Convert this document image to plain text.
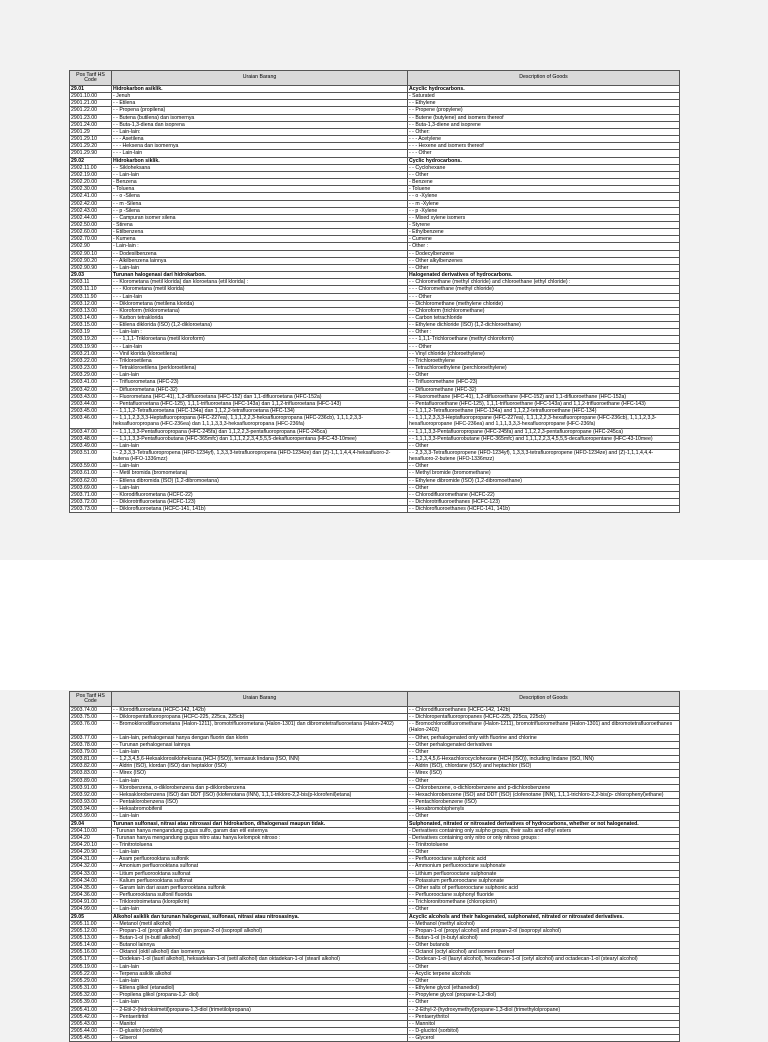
Pos Tarif HS Code	Uraian Barang	Description of Goods
29.01	Hidrokarbon asiklik.	Acyclic hydrocarbons.
2901.10.00	- Jenuh	- Saturated
2901.21.00	- - Etilena	- - Ethylene
2901.22.00	- - Propena (propilena)	- - Propene (propylene)
2901.23.00	- - Butena (butilena) dan isomernya	- - Butene (butylene) and isomers thereof
2901.24.00	- - Buta-1,3-diena dan isoprena	- - Buta-1,3-diene and isoprene
2901.29	- - Lain-lain:	- - Other:
2901.29.10	- - - Asetilena	- - - Acetylene
2901.29.20	- - - Heksena dan isomernya	- - - Hexene and isomers thereof
2901.29.90	- - - Lain-lain	- - - Other
29.02	Hidrokarbon siklik.	Cyclic hydrocarbons.
2902.11.00	- - Sikloheksana	- - Cyclohexane
2902.19.00	- - Lain-lain	- - Other
2902.20.00	- Benzena	- Benzene
2902.30.00	- Toluena	- Toluene
2902.41.00	- - o -Silena	- - o -Xylene
2902.42.00	- - m -Silena	- - m -Xylene
2902.43.00	- - p -Silena	- - p -Xylene
2902.44.00	- - Campuran isomer silena	- - Mixed xylene isomers
2902.50.00	- Stirena	- Styrene
2902.60.00	- Etilbenzena	- Ethylbenzene
2902.70.00	- Kumena	- Cumene
2902.90	- Lain-lain :	- Other :
2902.90.10	- - Dodesilbenzena	- - Dodecylbenzene
2902.90.20	- - Alkilbenzena lainnya	- - Other alkylbenzenes
2902.90.90	- - Lain-lain	- - Other
29.03	Turunan halogenasi dari hidrokarbon.	Halogenated derivatives of hydrocarbons.
2903.11	- - Klorometana (metil klorida) dan kloroetana (etil klorida) :	- - Chloromethane (methyl chloride) and chloroethane (ethyl chloride) :
2903.11.10	- - - Klorometana (metil klorida)	- - - Chloromethane (methyl chloride)
2903.11.90	- - - Lain-lain	- - - Other
2903.12.00	- - Diklorometana (metilena klorida)	- - Dichloromethane (methylene chloride)
2903.13.00	- - Kloroform (triklorometana)	- - Chloroform (trichloromethane)
2903.14.00	- - Karbon tetraklorida	- - Carbon tetrachloride
2903.15.00	- - Etilena diklorida (ISO) (1,2-dikloroetana)	- - Ethylene dichloride (ISO) (1,2-dichloroethane)
2903.19	- - Lain-lain :	- - Other :
2903.19.20	- - - 1,1,1-Trikloroetana (metil kloroform)	- - - 1,1,1-Trichloroethane (methyl chloroform)
2903.19.90	- - - Lain-lain	- - - Other
2903.21.00	- - Vinil klorida (kloroetilena)	- - Vinyl chloride (chloroethylene)
2903.22.00	- - Trikloroetilena	- - Trichloroethylene
2903.23.00	- - Tetrakloroetilena (perkloroetilena)	- - Tetrachloroethylene (perchloroethylene)
2903.29.00	- - Lain-lain	- - Other
2903.41.00	- - Trifluorometana (HFC-23)	- - Trifluoromethane (HFC-23)
2903.42.00	- - Difluorometana (HFC-32)	- - Difluoromethane (HFC-32)
2903.43.00	- - Fluorometana (HFC-41), 1,2-difluoroetana (HFC-152) dan 1,1-difluoroetana (HFC-152a)	- - Fluoromethane (HFC-41), 1,2-difluoroethane (HFC-152) and 1,1-difluoroethane (HFC-152a)
2903.44.00	- - Pentafluoroetana (HFC-125), 1,1,1-trifluoroetana (HFC-143a) dan 1,1,2-trifluoroetana (HFC-143)	- - Pentafluoroethane (HFC-125), 1,1,1-trifluoroethane (HFC-143a) and 1,1,2-trifluoroethane (HFC-143)
2903.45.00	- - 1,1,1,2-Tetrafluoroetana (HFC-134a) dan 1,1,2,2-tetrafluoroetana (HFC-134)	- - 1,1,1,2-Tetrafluoroethane (HFC-134a) and 1,1,2,2-tetrafluoroethane (HFC-134)
2903.46.00	- - 1,1,1,2,3,3,3-Heptafluoropropana (HFC-227ea), 1,1,1,2,2,3-heksafluoropropana (HFC-236cb), 1,1,1,2,3,3-heksafluoropropana (HFC-236ea) dan 1,1,1,3,3,3-heksafluoropropana (HFC-236fa)	- - 1,1,1,2,3,3,3-Heptafluoropropane (HFC-227ea), 1,1,1,2,2,3-hexafluoropropane (HFC-236cb), 1,1,1,2,3,3-hexafluoropropane (HFC-236ea) and 1,1,1,3,3,3-hexafluoropropane (HFC-236fa)
2903.47.00	- - 1,1,1,3,3-Pentafluoropropana (HFC-245fa) dan 1,1,2,2,3-pentafluoropropana (HFC-245ca)	- - 1,1,1,3,3-Pentafluoropropane (HFC-245fa) and 1,1,2,2,3-pentafluoropropane (HFC-245ca)
2903.48.00	- - 1,1,1,3,3-Pentafluorobutana (HFC-365mfc) dan 1,1,1,2,2,3,4,5,5,5-dekafluoropentana (HFC-43-10mee)	- - 1,1,1,3,3-Pentafluorobutane (HFC-365mfc) and 1,1,1,2,2,3,4,5,5,5-decafluoropentane (HFC-43-10mee)
2903.49.00	- - Lain-lain	- - Other
2903.51.00	- - 2,3,3,3-Tetrafluoropropena (HFO-1234yf), 1,3,3,3-tetrafluoropropena (HFO-1234ze) dan (Z)-1,1,1,4,4,4-heksafluoro-2-butena (HFO-1336mzz)	- - 2,3,3,3-Tetrafluoropropene (HFO-1234yf), 1,3,3,3-tetrafluoropropene (HFO-1234ze) and (Z)-1,1,1,4,4,4-hexafluoro-2-butene (HFO-1336mzz)
2903.59.00	- - Lain-lain	- - Other
2903.61.00	- - Metil bromida (bromometana)	- - Methyl bromide (bromomethane)
2903.62.00	- - Etilena dibromida (ISO) (1,2-dibromoetana)	- - Ethylene dibromide (ISO) (1,2-dibromoethane)
2903.69.00	- - Lain-lain	- - Other
2903.71.00	- - Klorodifluorometana (HCFC-22)	- - Chlorodifluoromethane (HCFC-22)
2903.72.00	- - Diklorotrifluoroetana (HCFC-123)	- - Dichlorotrifluoroethanes (HCFC-123)
2903.73.00	- - Diklorofluoroetana (HCFC-141, 141b)	- - Dichlorofluoroethanes (HCFC-141, 141b)
Pos Tarif HS Code	Uraian Barang	Description of Goods
2903.74.00	- - Klorodifluoroetana (HCFC-142, 142b)	- - Chlorodifluoroethanes (HCFC-142, 142b)
2903.75.00	- - Dikloropentafluoropropana (HCFC-225, 225ca, 225cb)	- - Dichloropentafluoropropanes (HCFC-225, 225ca, 225cb)
2903.76.00	- - Bromoklorodifluorometana (Halon-1211), bromotrifluorometana (Halon-1301) dan dibromotetrafluoroetana (Halon-2402)	- - Bromochlorodifluoromethane (Halon-1211), bromotrifluoromethane (Halon-1301) and dibromotetrafluoroethanes (Halon-2402)
2903.77.00	- - Lain-lain, perhalogenasi hanya dengan fluorin dan klorin	- - Other, perhalogenated only with fluorine and chlorine
2903.78.00	- - Turunan perhalogenasi lainnya	- - Other perhalogenated derivatives
2903.79.00	- - Lain-lain	- - Other
2903.81.00	- - 1,2,3,4,5,6-Heksaklorosikloheksana (HCH (ISO)), termasuk lindana (ISO, INN)	- - 1,2,3,4,5,6-Hexachlorocyclohexane (HCH (ISO)), including lindane (ISO, INN)
2903.82.00	- - Aldrin (ISO), klordan (ISO) dan heptaklor (ISO)	- - Aldrin (ISO), chlordane (ISO) and heptachlor (ISO)
2903.83.00	- - Mirex (ISO)	- - Mirex (ISO)
2903.89.00	- - Lain-lain	- - Other
2903.91.00	- - Klorobenzena, o-diklorobenzena dan p-diklorobenzena	- - Chlorobenzene, o-dichlorobenzene and p-dichlorobenzene
2903.92.00	- - Heksaklorobenzena (ISO) dan DDT (ISO) (klofenotana (INN), 1,1,1-trikloro-2,2-bis(p-klorofenil)etana)	- - Hexachlorobenzene (ISO) and DDT (ISO) (clofenotane (INN), 1,1,1-trichloro-2,2-bis(p- chlorophenyl)ethane)
2903.93.00	- - Pentaklorobenzena (ISO)	- - Pentachlorobenzene (ISO)
2903.94.00	- - Heksabromobifenil	- - Hexabromobiphenyls
2903.99.00	- - Lain-lain	- - Other
29.04	Turunan sulfonasi, nitrasi atau nitrosasi dari hidrokarbon, dihalogenasi maupun tidak.	Sulphonated, nitrated or nitrosated derivatives of hydrocarbons, whether or not halogenated.
2904.10.00	- Turunan hanya mengandung gugus sulfo, garam dan etil esternya	- Derivatives containing only sulpho groups, their salts and ethyl esters
2904.20	- Turunan hanya mengandung gugus nitro atau hanya kelompok nitroso :	- Derivatives containing only nitro or only nitroso groups :
2904.20.10	- - Trinitrotoluena	- - Trinitrotoluene
2904.20.90	- - Lain-lain	- - Other
2904.31.00	- - Asam perfluorooktana sulfonik	- - Perfluorooctane sulphonic acid
2904.32.00	- - Amonium perfluorooktana sulfonat	- - Ammonium perfluorooctane sulphonate
2904.33.00	- - Litium perfluorooktana sulfonat	- - Lithium perfluorooctane sulphonate
2904.34.00	- - Kalium perfluorooktana sulfonat	- - Potassium perfluorooctane sulphonate
2904.35.00	- - Garam lain dari asam perfluorooktana sulfonik	- - Other salts of perfluorooctane sulphonic acid
2904.36.00	- - Perfluorooktana sulfonil fluorida	- - Perfluorooctane sulphonyl fluoride
2904.91.00	- - Triklorotroimetana (kloropikrin)	- - Trichloronitromethane (chloropicrin)
2904.99.00	- - Lain-lain	- - Other
29.05	Alkohol asiklik dan turunan halogenasi, sulfonasi, nitrasi atau nitrosasinya.	Acyclic alcohols and their halogenated, sulphonated, nitrated or nitrosated derivatives.
2905.11.00	- - Metanol (metil alkohol)	- - Methanol (methyl alcohol)
2905.12.00	- - Propan-1-ol (propil alkohol) dan propan-2-ol (isopropil alkohol)	- - Propan-1-ol (propyl alcohol) and propan-2-ol (isopropyl alcohol)
2905.13.00	- - Butan-1-ol (n-butil alkohol)	- - Butan-1-ol (n-butyl alcohol)
2905.14.00	- - Butanol lainnya	- - Other butanols
2905.16.00	- - Oktanol (oktil alkohol) dan isomernya	- - Octanol (octyl alcohol) and isomers thereof
2905.17.00	- - Dodekan-1-ol (lauril alkohol), heksadekan-1-ol (setil alkohol) dan oktadekan-1-ol (stearil alkohol)	- - Dodecan-1-ol (lauryl alcohol), hexadecan-1-ol (cetyl alcohol) and octadecan-1-ol (stearyl alcohol)
2905.19.00	- - Lain-lain	- - Other
2905.22.00	- - Terpena asiklik alkohol	- - Acyclic terpene alcohols
2905.29.00	- - Lain-lain	- - Other
2905.31.00	- - Etilena glikol (etanadiol)	- - Ethylene glycol (ethanediol)
2905.32.00	- - Propilena glikol (propana-1,2- diol)	- - Propylene glycol (propane-1,2-diol)
2905.39.00	- - Lain-lain	- - Other
2905.41.00	- - 2-Etil-2-(hidroksimetil)propana-1,3-diol (trimetilolpropana)	- - 2-Ethyl-2-(hydroxymethyl)propane-1,3-diol (trimethylolpropane)
2905.42.00	- - Pentaeritritol	- - Pentaerythritol
2905.43.00	- - Manitol	- - Mannitol
2905.44.00	- - D-glusitol (sorbitol)	- - D-glucitol (sorbitol)
2905.45.00	- - Gliserol	- - Glycerol
